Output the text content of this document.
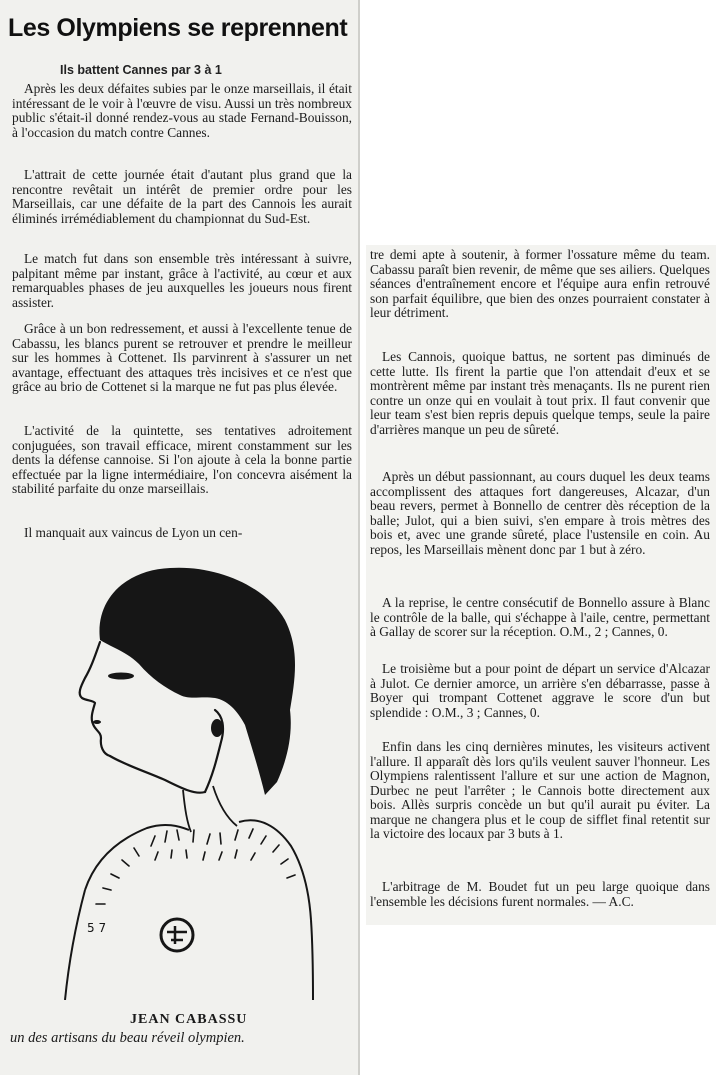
Les Olympiens se reprennent

Ils battent Cannes par 3 à 1

Après les deux défaites subies par le onze marseillais, il était intéressant de le voir à l'œuvre de visu. Aussi un très nombreux public s'était-il donné rendez-vous au stade Fernand-Bouisson, à l'occasion du match contre Cannes.

L'attrait de cette journée était d'autant plus grand que la rencontre revêtait un intérêt de premier ordre pour les Marseillais, car une défaite de la part des Cannois les aurait éliminés irrémédiablement du championnat du Sud-Est.

Le match fut dans son ensemble très intéressant à suivre, palpitant même par instant, grâce à l'activité, au cœur et aux remarquables phases de jeu auxquelles les joueurs nous firent assister.

Grâce à un bon redressement, et aussi à l'excellente tenue de Cabassu, les blancs purent se retrouver et prendre le meilleur sur les hommes à Cottenet. Ils parvinrent à s'assurer un net avantage, effectuant des attaques très incisives et ce n'est que grâce au brio de Cottenet si la marque ne fut pas plus élevée.

L'activité de la quintette, ses tentatives adroitement conjuguées, son travail efficace, mirent constamment sur les dents la défense cannoise. Si l'on ajoute à cela la bonne partie effectuée par la ligne intermédiaire, l'on concevra aisément la stabilité parfaite du onze marseillais.

Il manquait aux vaincus de Lyon un cen-

tre demi apte à soutenir, à former l'ossature même du team. Cabassu paraît bien revenir, de même que ses ailiers. Quelques séances d'entraînement encore et l'équipe aura enfin retrouvé son parfait équilibre, que bien des onzes pourraient constater à leur détriment.

Les Cannois, quoique battus, ne sortent pas diminués de cette lutte. Ils firent la partie que l'on attendait d'eux et se montrèrent même par instant très menaçants. Ils ne purent rien contre un onze qui en voulait à tout prix. Il faut convenir que leur team s'est bien repris depuis quelque temps, seule la paire d'arrières manque un peu de sûreté.

Après un début passionnant, au cours duquel les deux teams accomplissent des attaques fort dangereuses, Alcazar, d'un beau revers, permet à Bonnello de centrer dès réception de la balle; Julot, qui a bien suivi, s'en empare à trois mètres des bois et, avec une grande sûreté, place l'ustensile en coin. Au repos, les Marseillais mènent donc par 1 but à zéro.

A la reprise, le centre consécutif de Bonnello assure à Blanc le contrôle de la balle, qui s'échappe à l'aile, centre, permettant à Gallay de scorer sur la réception. O.M., 2 ; Cannes, 0.

Le troisième but a pour point de départ un service d'Alcazar à Julot. Ce dernier amorce, un arrière s'en débarrasse, passe à Boyer qui trompant Cottenet aggrave le score d'un but splendide : O.M., 3 ; Cannes, 0.

Enfin dans les cinq dernières minutes, les visiteurs activent l'allure. Il apparaît dès lors qu'ils veulent sauver l'honneur. Les Olympiens ralentissent l'allure et sur une action de Magnon, Durbec ne peut l'arrêter ; le Cannois botte directement aux bois. Allès surpris concède un but qu'il aurait pu éviter. La marque ne changera plus et le coup de sifflet final retentit sur la victoire des locaux par 3 buts à 1.

L'arbitrage de M. Boudet fut un peu large quoique dans l'ensemble les décisions furent normales. — A.C.

5 7

JEAN CABASSU

un des artisans du beau réveil olympien.
